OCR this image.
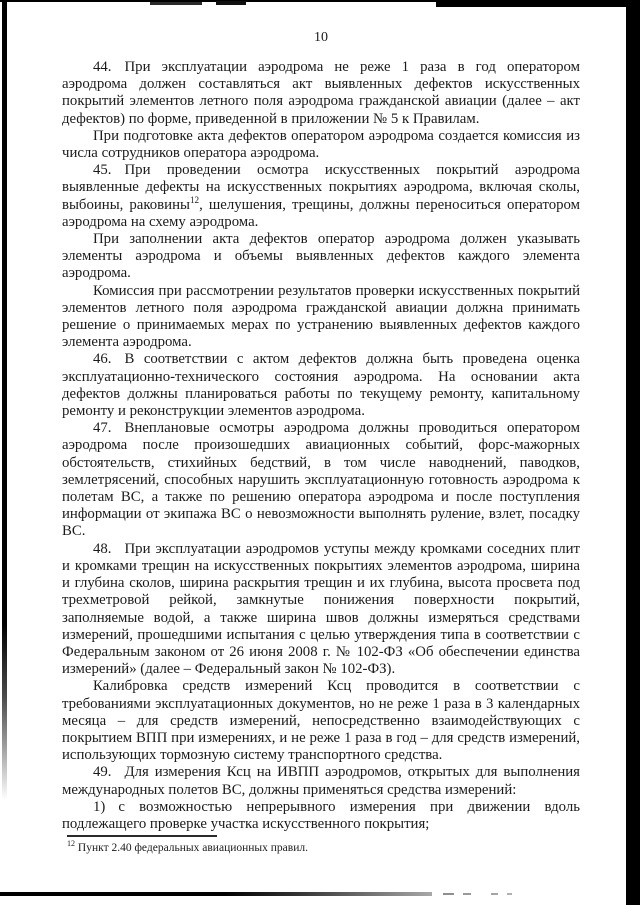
10

44. При эксплуатации аэродрома не реже 1 раза в год оператором аэродрома должен составляться акт выявленных дефектов искусственных покрытий элементов летного поля аэродрома гражданской авиации (далее – акт дефектов) по форме, приведенной в приложении № 5 к Правилам.

При подготовке акта дефектов оператором аэродрома создается комиссия из числа сотрудников оператора аэродрома.

45. При проведении осмотра искусственных покрытий аэродрома выявленные дефекты на искусственных покрытиях аэродрома, включая сколы, выбоины, раковины$^{12}$, шелушения, трещины, должны переноситься оператором аэродрома на схему аэродрома.

При заполнении акта дефектов оператор аэродрома должен указывать элементы аэродрома и объемы выявленных дефектов каждого элемента аэродрома.

Комиссия при рассмотрении результатов проверки искусственных покрытий элементов летного поля аэродрома гражданской авиации должна принимать решение о принимаемых мерах по устранению выявленных дефектов каждого элемента аэродрома.

46. В соответствии с актом дефектов должна быть проведена оценка эксплуатационно-технического состояния аэродрома. На основании акта дефектов должны планироваться работы по текущему ремонту, капитальному ремонту и реконструкции элементов аэродрома.

47. Внеплановые осмотры аэродрома должны проводиться оператором аэродрома после произошедших авиационных событий, форс-мажорных обстоятельств, стихийных бедствий, в том числе наводнений, паводков, землетрясений, способных нарушить эксплуатационную готовность аэродрома к полетам ВС, а также по решению оператора аэродрома и после поступления информации от экипажа ВС о невозможности выполнять руление, взлет, посадку ВС.

48. При эксплуатации аэродромов уступы между кромками соседних плит и кромками трещин на искусственных покрытиях элементов аэродрома, ширина и глубина сколов, ширина раскрытия трещин и их глубина, высота просвета под трехметровой рейкой, замкнутые понижения поверхности покрытий, заполняемые водой, а также ширина швов должны измеряться средствами измерений, прошедшими испытания с целью утверждения типа в соответствии с Федеральным законом от 26 июня 2008 г. № 102-ФЗ «Об обеспечении единства измерений» (далее – Федеральный закон № 102-ФЗ).

Калибровка средств измерений Ксц проводится в соответствии с требованиями эксплуатационных документов, но не реже 1 раза в 3 календарных месяца – для средств измерений, непосредственно взаимодействующих с покрытием ВПП при измерениях, и не реже 1 раза в год – для средств измерений, использующих тормозную систему транспортного средства.

49. Для измерения Ксц на ИВПП аэродромов, открытых для выполнения международных полетов ВС, должны применяться средства измерений:

1) с возможностью непрерывного измерения при движении вдоль подлежащего проверке участка искусственного покрытия;

$^{12}$ Пункт 2.40 федеральных авиационных правил.
